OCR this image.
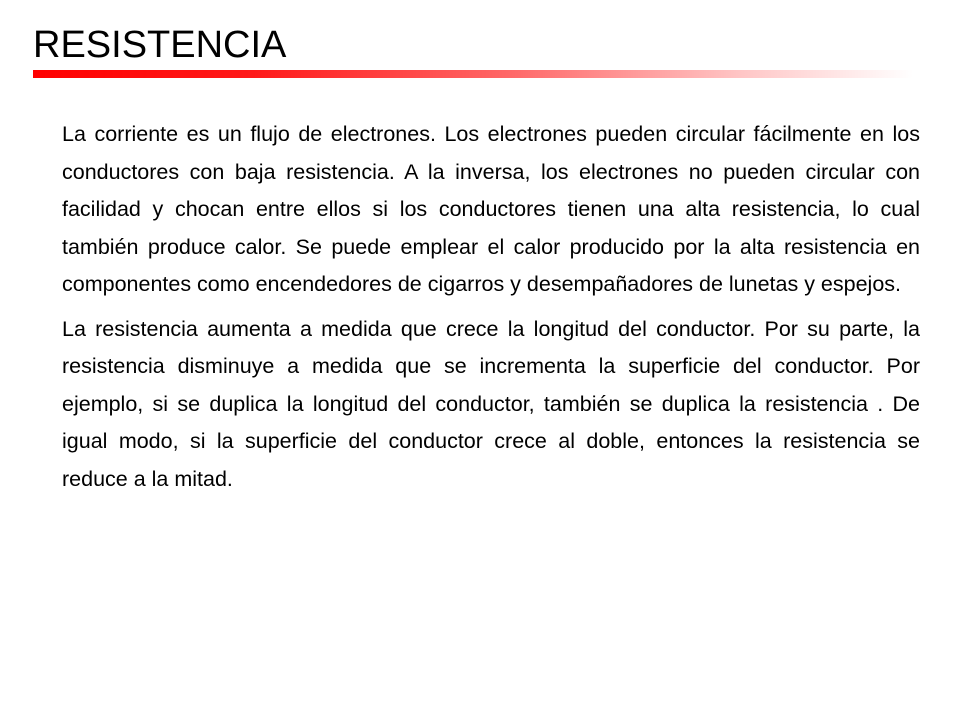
RESISTENCIA

La corriente es un flujo de electrones. Los electrones pueden circular fácilmente en los conductores con baja resistencia. A la inversa, los electrones no pueden circular con facilidad y chocan entre ellos si los conductores tienen una alta resistencia, lo cual también produce calor. Se puede emplear el calor producido por la alta resistencia en componentes como encendedores de cigarros y desempañadores de lunetas y espejos.

La resistencia aumenta a medida que crece la longitud del conductor. Por su parte, la resistencia disminuye a medida que se incrementa la superficie del conductor. Por ejemplo, si se duplica la longitud del conductor, también se duplica la resistencia . De igual modo, si la superficie del conductor crece al doble, entonces la resistencia se reduce a la mitad.
